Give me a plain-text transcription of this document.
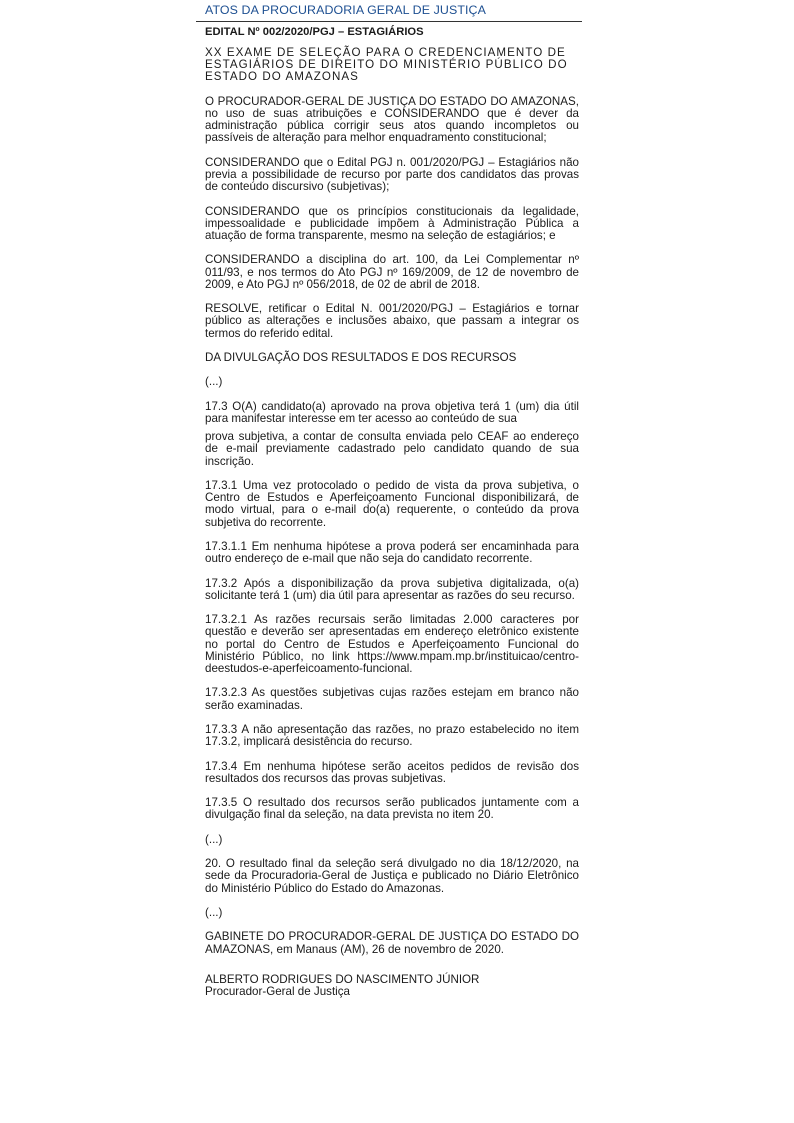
ATOS DA PROCURADORIA GERAL DE JUSTIÇA

EDITAL Nº 002/2020/PGJ – ESTAGIÁRIOS

XX EXAME DE SELEÇÃO PARA O CREDENCIAMENTO DE ESTAGIÁRIOS DE DIREITO DO MINISTÉRIO PÚBLICO DO ESTADO DO AMAZONAS

O PROCURADOR-GERAL DE JUSTIÇA DO ESTADO DO AMAZONAS, no uso de suas atribuições e CONSIDERANDO que é dever da administração pública corrigir seus atos quando incompletos ou passíveis de alteração para melhor enquadramento constitucional;

CONSIDERANDO que o Edital PGJ n. 001/2020/PGJ – Estagiários não previa a possibilidade de recurso por parte dos candidatos das provas de conteúdo discursivo (subjetivas);

CONSIDERANDO que os princípios constitucionais da legalidade, impessoalidade e publicidade impõem à Administração Pública a atuação de forma transparente, mesmo na seleção de estagiários; e

CONSIDERANDO a disciplina do art. 100, da Lei Complementar nº 011/93, e nos termos do Ato PGJ nº 169/2009, de 12 de novembro de 2009, e Ato PGJ nº 056/2018, de 02 de abril de 2018.

RESOLVE, retificar o Edital N. 001/2020/PGJ – Estagiários e tornar público as alterações e inclusões abaixo, que passam a integrar os termos do referido edital.

DA DIVULGAÇÃO DOS RESULTADOS E DOS RECURSOS

(...)

17.3 O(A) candidato(a) aprovado na prova objetiva terá 1 (um) dia útil para manifestar interesse em ter acesso ao conteúdo de sua

prova subjetiva, a contar de consulta enviada pelo CEAF ao endereço de e-mail previamente cadastrado pelo candidato quando de sua inscrição.

17.3.1 Uma vez protocolado o pedido de vista da prova subjetiva, o Centro de Estudos e Aperfeiçoamento Funcional disponibilizará, de modo virtual, para o e-mail do(a) requerente, o conteúdo da prova subjetiva do recorrente.

17.3.1.1 Em nenhuma hipótese a prova poderá ser encaminhada para outro endereço de e-mail que não seja do candidato recorrente.

17.3.2 Após a disponibilização da prova subjetiva digitalizada, o(a) solicitante terá 1 (um) dia útil para apresentar as razões do seu recurso.

17.3.2.1 As razões recursais serão limitadas 2.000 caracteres por questão e deverão ser apresentadas em endereço eletrônico existente no portal do Centro de Estudos e Aperfeiçoamento Funcional do Ministério Público, no link https://www.mpam.mp.br/instituicao/centro-deestudos-e-aperfeicoamento-funcional.

17.3.2.3 As questões subjetivas cujas razões estejam em branco não serão examinadas.

17.3.3 A não apresentação das razões, no prazo estabelecido no item 17.3.2, implicará desistência do recurso.

17.3.4 Em nenhuma hipótese serão aceitos pedidos de revisão dos resultados dos recursos das provas subjetivas.

17.3.5 O resultado dos recursos serão publicados juntamente com a divulgação final da seleção, na data prevista no item 20.

(...)

20. O resultado final da seleção será divulgado no dia 18/12/2020, na sede da Procuradoria-Geral de Justiça e publicado no Diário Eletrônico do Ministério Público do Estado do Amazonas.

(...)

GABINETE DO PROCURADOR-GERAL DE JUSTIÇA DO ESTADO DO AMAZONAS, em Manaus (AM), 26 de novembro de 2020.

ALBERTO RODRIGUES DO NASCIMENTO JÚNIOR

Procurador-Geral de Justiça
